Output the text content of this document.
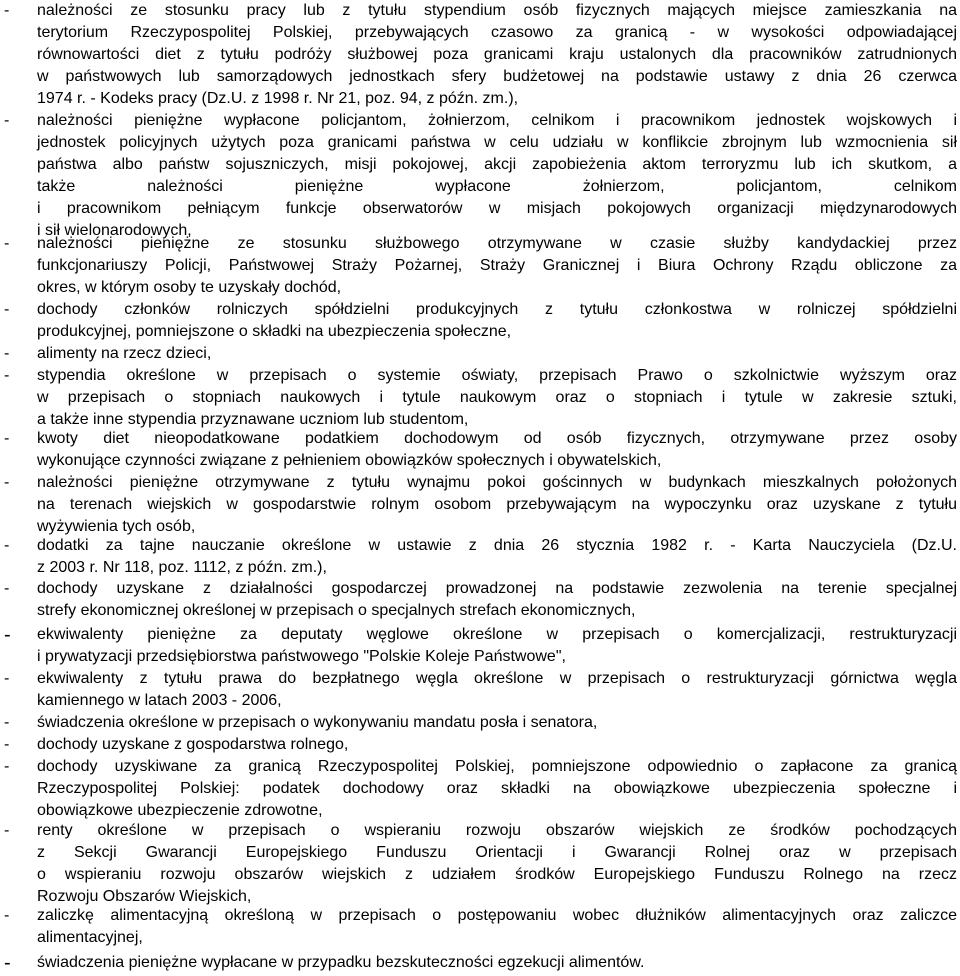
- należności ze stosunku pracy lub z tytułu stypendium osób fizycznych mających miejsce zamieszkania na
terytorium Rzeczypospolitej Polskiej, przebywających czasowo za granicą - w wysokości odpowiadającej
równowartości diet z tytułu podróży służbowej poza granicami kraju ustalonych dla pracowników zatrudnionych
w państwowych lub samorządowych jednostkach sfery budżetowej na podstawie ustawy z dnia 26 czerwca
1974 r. - Kodeks pracy (Dz.U. z 1998 r. Nr 21, poz. 94, z późn. zm.),
- należności pieniężne wypłacone policjantom, żołnierzom, celnikom i pracownikom jednostek wojskowych i
jednostek policyjnych użytych poza granicami państwa w celu udziału w konflikcie zbrojnym lub wzmocnienia sił
państwa albo państw sojuszniczych, misji pokojowej, akcji zapobieżenia aktom terroryzmu lub ich skutkom, a
także należności pieniężne wypłacone żołnierzom, policjantom, celnikom
i pracownikom pełniącym funkcje obserwatorów w misjach pokojowych organizacji międzynarodowych
i sił wielonarodowych,
- należności pieniężne ze stosunku służbowego otrzymywane w czasie służby kandydackiej przez
funkcjonariuszy Policji, Państwowej Straży Pożarnej, Straży Granicznej i Biura Ochrony Rządu obliczone za
okres, w którym osoby te uzyskały dochód,
- dochody członków rolniczych spółdzielni produkcyjnych z tytułu członkostwa w rolniczej spółdzielni
produkcyjnej, pomniejszone o składki na ubezpieczenia społeczne,
- alimenty na rzecz dzieci,
- stypendia określone w przepisach o systemie oświaty, przepisach Prawo o szkolnictwie wyższym oraz
w przepisach o stopniach naukowych i tytule naukowym oraz o stopniach i tytule w zakresie sztuki,
a także inne stypendia przyznawane uczniom lub studentom,
- kwoty diet nieopodatkowane podatkiem dochodowym od osób fizycznych, otrzymywane przez osoby
wykonujące czynności związane z pełnieniem obowiązków społecznych i obywatelskich,
- należności pieniężne otrzymywane z tytułu wynajmu pokoi gościnnych w budynkach mieszkalnych położonych
na terenach wiejskich w gospodarstwie rolnym osobom przebywającym na wypoczynku oraz uzyskane z tytułu
wyżywienia tych osób,
- dodatki za tajne nauczanie określone w ustawie z dnia 26 stycznia 1982 r. - Karta Nauczyciela (Dz.U.
z 2003 r. Nr 118, poz. 1112, z późn. zm.),
- dochody uzyskane z działalności gospodarczej prowadzonej na podstawie zezwolenia na terenie specjalnej
strefy ekonomicznej określonej w przepisach o specjalnych strefach ekonomicznych,
- ekwiwalenty pieniężne za deputaty węglowe określone w przepisach o komercjalizacji, restrukturyzacji
i prywatyzacji przedsiębiorstwa państwowego "Polskie Koleje Państwowe",
- ekwiwalenty z tytułu prawa do bezpłatnego węgla określone w przepisach o restrukturyzacji górnictwa węgla
kamiennego w latach 2003 - 2006,
- świadczenia określone w przepisach o wykonywaniu mandatu posła i senatora,
- dochody uzyskane z gospodarstwa rolnego,
- dochody uzyskiwane za granicą Rzeczypospolitej Polskiej, pomniejszone odpowiednio o zapłacone za granicą
Rzeczypospolitej Polskiej: podatek dochodowy oraz składki na obowiązkowe ubezpieczenia społeczne i
obowiązkowe ubezpieczenie zdrowotne,
- renty określone w przepisach o wspieraniu rozwoju obszarów wiejskich ze środków pochodzących
z Sekcji Gwarancji Europejskiego Funduszu Orientacji i Gwarancji Rolnej oraz w przepisach
o wspieraniu rozwoju obszarów wiejskich z udziałem środków Europejskiego Funduszu Rolnego na rzecz
Rozwoju Obszarów Wiejskich,
- zaliczkę alimentacyjną określoną w przepisach o postępowaniu wobec dłużników alimentacyjnych oraz zaliczce
alimentacyjnej,
- świadczenia pieniężne wypłacane w przypadku bezskuteczności egzekucji alimentów.
